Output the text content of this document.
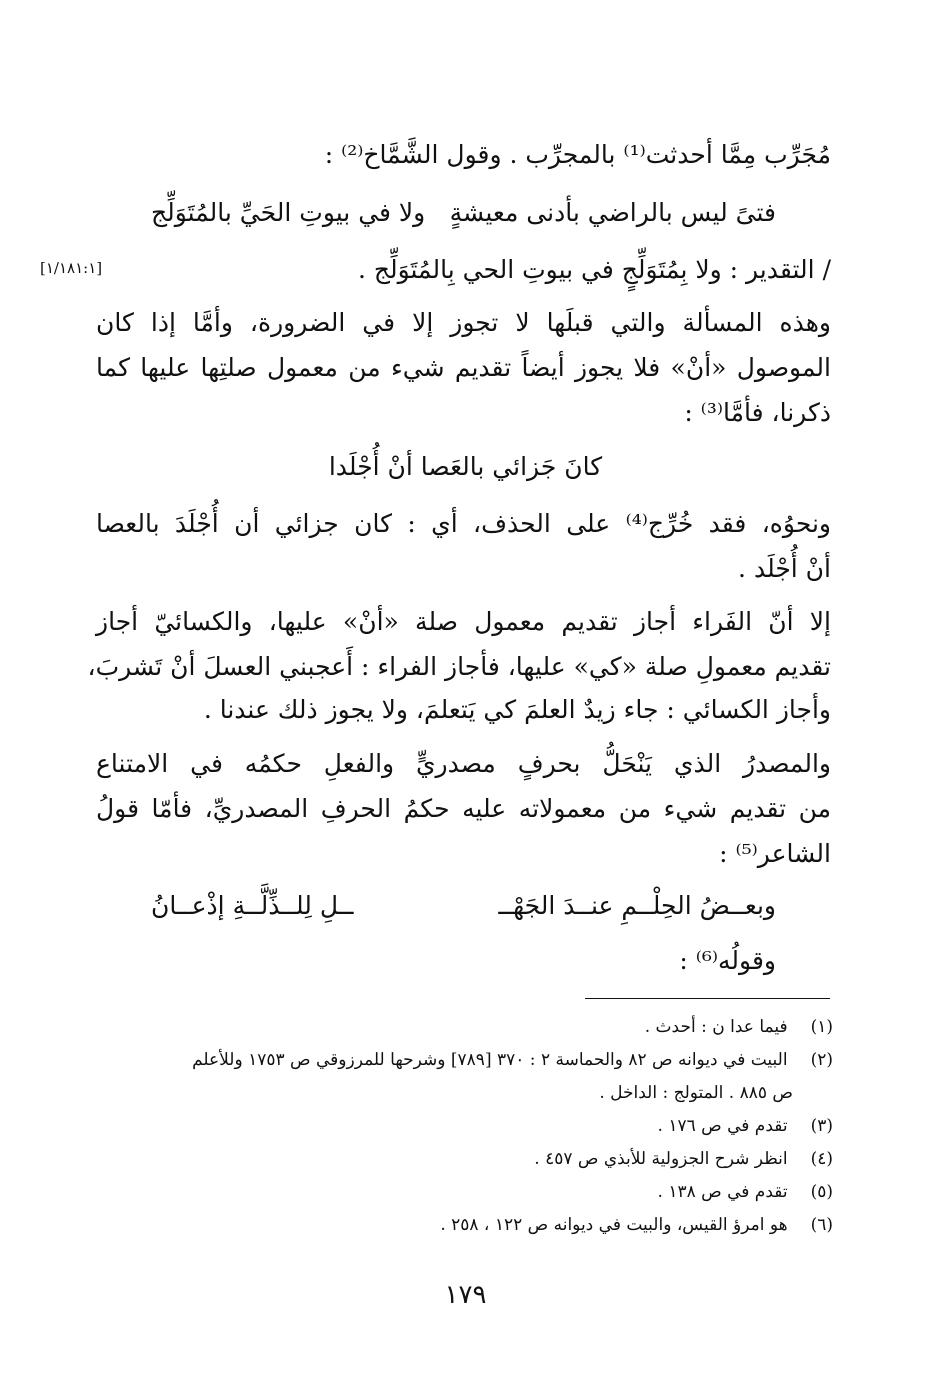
مُجَرِّب مِمَّا أحدثت⁽¹⁾ بالمجرِّب . وقول الشَّمَّاخ⁽²⁾ :
فتىً ليس بالراضي بأدنى معيشةٍ
ولا في بيوتِ الحَيِّ بالمُتَوَلِّج
/ التقدير : ولا بِمُتَوَلِّجٍ في بيوتِ الحي بِالمُتَوَلِّج .
[١/١٨١:١]
وهذه المسألة والتي قبلَها لا تجوز إلا في الضرورة، وأمَّا إذا كان
الموصول «أنْ» فلا يجوز أيضاً تقديم شيء من معمول صلتِها عليها كما
ذكرنا، فأمَّا⁽³⁾ :
كانَ جَزائي بالعَصا أنْ أُجْلَدا
ونحوُه، فقد خُرِّج⁽⁴⁾ على الحذف، أي : كان جزائي أن أُجْلَدَ بالعصا
أنْ أُجْلَد .
إلا أنّ الفَراء أجاز تقديم معمول صلة «أنْ» عليها، والكسائيّ أجاز
تقديم معمولِ صلة «كي» عليها، فأجاز الفراء : أَعجبني العسلَ أنْ تَشربَ،
وأجاز الكسائي : جاء زيدٌ العلمَ كي يَتعلمَ، ولا يجوز ذلك عندنا .
والمصدرُ الذي يَنْحَلُّ بحرفٍ مصدريٍّ والفعلِ حكمُه في الامتناع
من تقديم شيء من معمولاته عليه حكمُ الحرفِ المصدريِّ، فأمّا قولُ
الشاعر⁽⁵⁾ :
وبعــضُ الحِلْــمِ عنــدَ الجَهْــ
ــلِ لِلــذِّلَّــةِ إذْعــانُ
وقولُه⁽⁶⁾ :
(١) فيما عدا ن : أحدث .
(٢) البيت في ديوانه ص ٨٢ والحماسة ٢ : ٣٧٠ [٧٨٩] وشرحها للمرزوقي ص ١٧٥٣ وللأعلم
ص ٨٨٥ . المتولج : الداخل .
(٣) تقدم في ص ١٧٦ .
(٤) انظر شرح الجزولية للأبذي ص ٤٥٧ .
(٥) تقدم في ص ١٣٨ .
(٦) هو امرؤ القيس، والبيت في ديوانه ص ١٢٢ ، ٢٥٨ .
١٧٩
